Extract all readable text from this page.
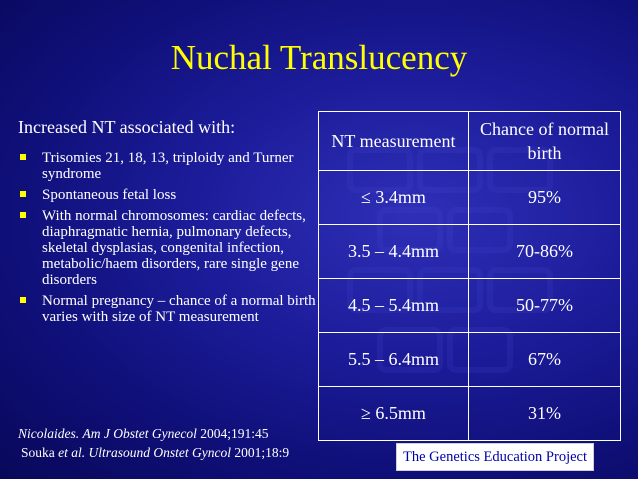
Nuchal Translucency

Increased NT associated with:

Trisomies 21, 18, 13, triploidy and Turner syndrome
Spontaneous fetal loss
With normal chromosomes: cardiac defects, diaphragmatic hernia, pulmonary defects, skeletal dysplasias, congenital infection, metabolic/haem disorders, rare single gene disorders
Normal pregnancy – chance of a normal birth varies with size of NT measurement
Nicolaides. Am J Obstet Gynecol 2004;191:45
Souka et al. Ultrasound Onstet Gyncol 2001;18:9
NT measurement	Chance of normal birth
≤ 3.4mm	95%
3.5 – 4.4mm	70-86%
4.5 – 5.4mm	50-77%
5.5 – 6.4mm	67%
≥ 6.5mm	31%
The Genetics Education Project
